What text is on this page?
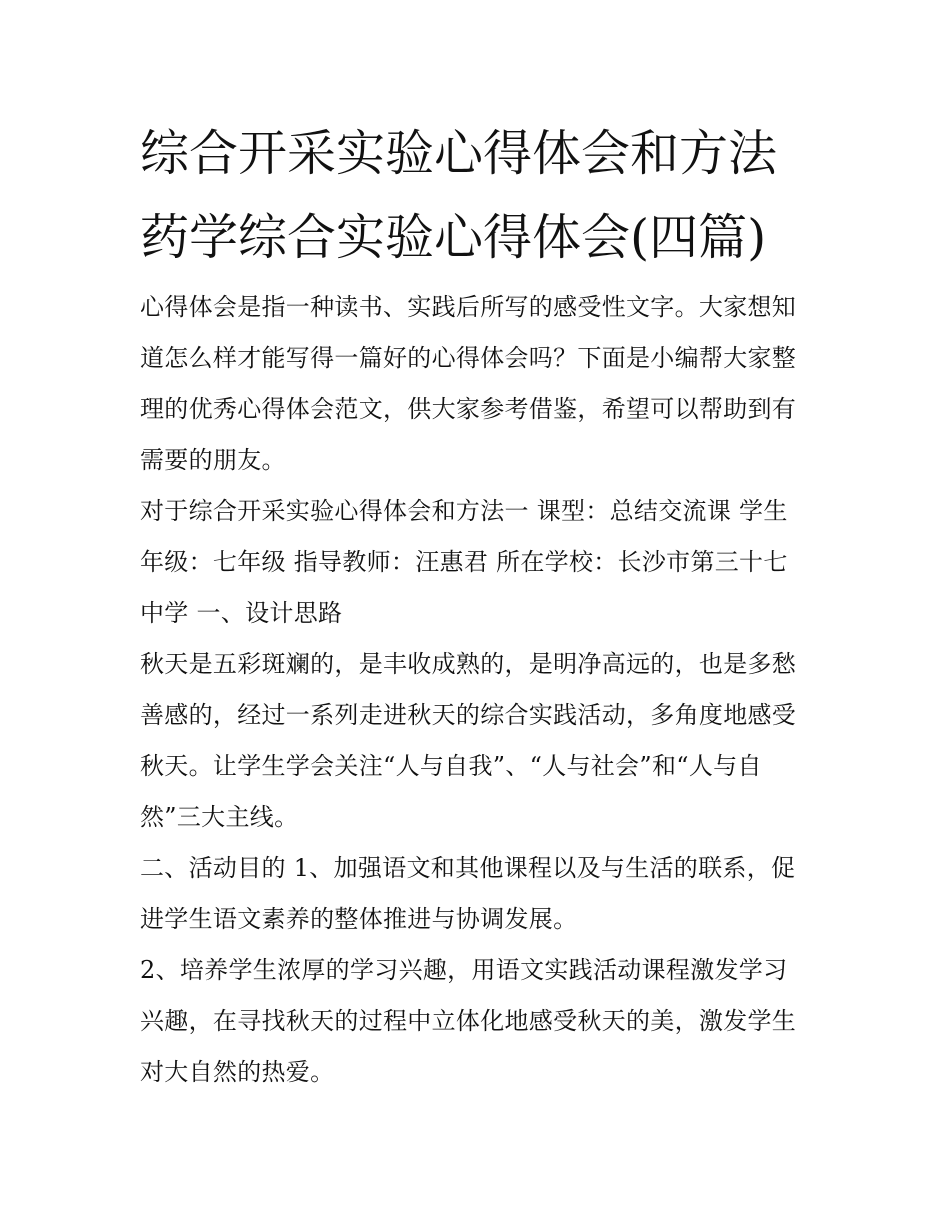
综合开采实验心得体会和方法
药学综合实验心得体会(四篇)

心得体会是指一种读书、实践后所写的感受性文字。大家想知
道怎么样才能写得一篇好的心得体会吗？下面是小编帮大家整
理的优秀心得体会范文，供大家参考借鉴，希望可以帮助到有
需要的朋友。

对于综合开采实验心得体会和方法一 课型：总结交流课 学生
年级：七年级 指导教师：汪惠君 所在学校：长沙市第三十七
中学 一、设计思路

秋天是五彩斑斓的，是丰收成熟的，是明净高远的，也是多愁
善感的，经过一系列走进秋天的综合实践活动，多角度地感受
秋天。让学生学会关注“人与自我”、“人与社会”和“人与自
然”三大主线。

二、活动目的 1、加强语文和其他课程以及与生活的联系，促
进学生语文素养的整体推进与协调发展。

2、培养学生浓厚的学习兴趣，用语文实践活动课程激发学习
兴趣，在寻找秋天的过程中立体化地感受秋天的美，激发学生
对大自然的热爱。
